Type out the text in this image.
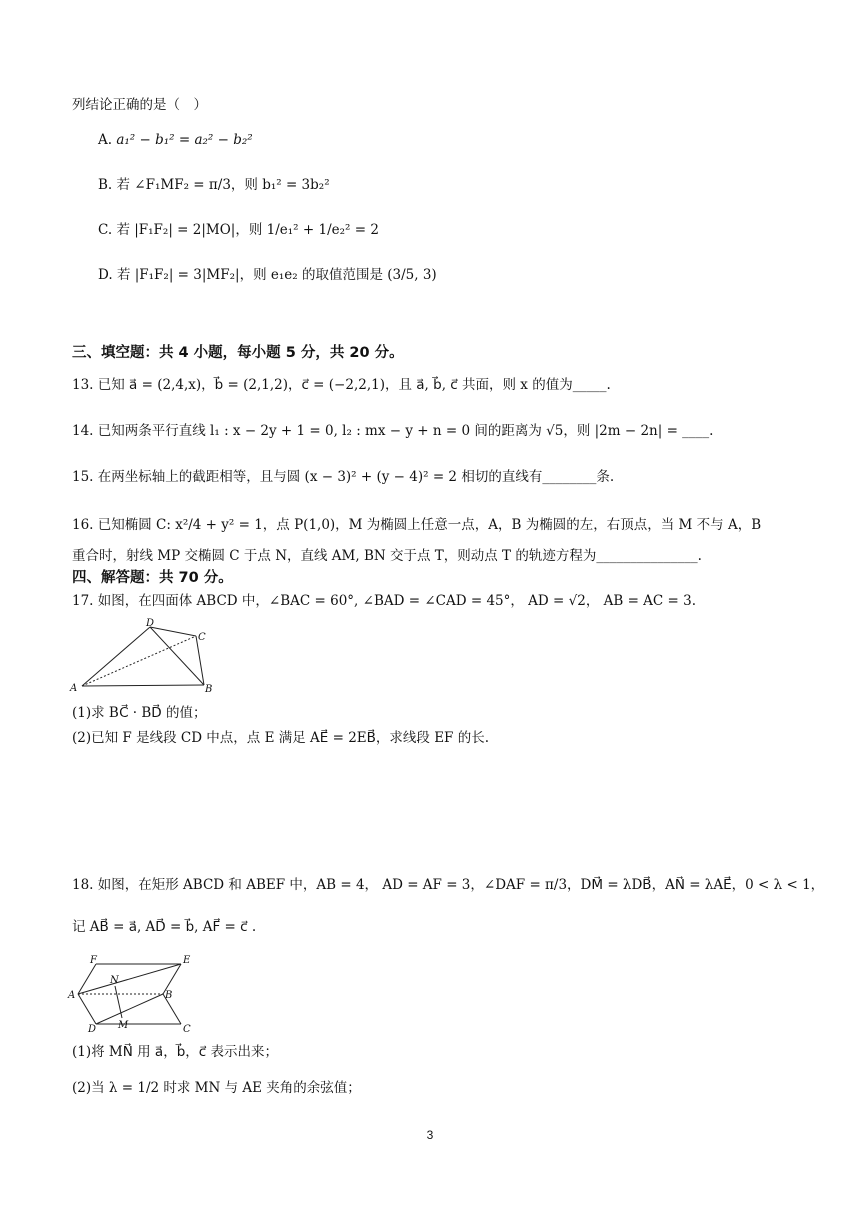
列结论正确的是（　）
A. a₁² − b₁² = a₂² − b₂²
B. 若 ∠F₁MF₂ = π/3，则 b₁² = 3b₂²
C. 若 |F₁F₂| = 2|MO|，则 1/e₁² + 1/e₂² = 2
D. 若 |F₁F₂| = 3|MF₂|，则 e₁e₂ 的取值范围是 (3/5, 3)
三、填空题：共 4 小题，每小题 5 分，共 20 分。
13. 已知 a⃗ = (2,4,x)，b⃗ = (2,1,2)，c⃗ = (−2,2,1)，且 a⃗, b⃗, c⃗ 共面，则 x 的值为_____.
14. 已知两条平行直线 l₁ : x − 2y + 1 = 0, l₂ : mx − y + n = 0 间的距离为 √5，则 |2m − 2n| = ____.
15. 在两坐标轴上的截距相等，且与圆 (x − 3)² + (y − 4)² = 2 相切的直线有________条.
16. 已知椭圆 C: x²/4 + y² = 1，点 P(1,0)，M 为椭圆上任意一点，A，B 为椭圆的左，右顶点，当 M 不与 A，B
重合时，射线 MP 交椭圆 C 于点 N，直线 AM, BN 交于点 T，则动点 T 的轨迹方程为_______________.
四、解答题：共 70 分。
17. 如图，在四面体 ABCD 中，∠BAC = 60°, ∠BAD = ∠CAD = 45°， AD = √2， AB = AC = 3.
D
C
A	B
(1)求 BC⃗ · BD⃗ 的值；
(2)已知 F 是线段 CD 中点，点 E 满足 AE⃗ = 2EB⃗，求线段 EF 的长.
18. 如图，在矩形 ABCD 和 ABEF 中，AB = 4， AD = AF = 3，∠DAF = π/3，DM⃗ = λDB⃗，AN⃗ = λAE⃗，0 < λ < 1，
记 AB⃗ = a⃗, AD⃗ = b⃗, AF⃗ = c⃗ .
F	E
N
A	B
D M	C
(1)将 MN⃗ 用 a⃗，b⃗，c⃗ 表示出来；
(2)当 λ = 1/2 时求 MN 与 AE 夹角的余弦值；
3
